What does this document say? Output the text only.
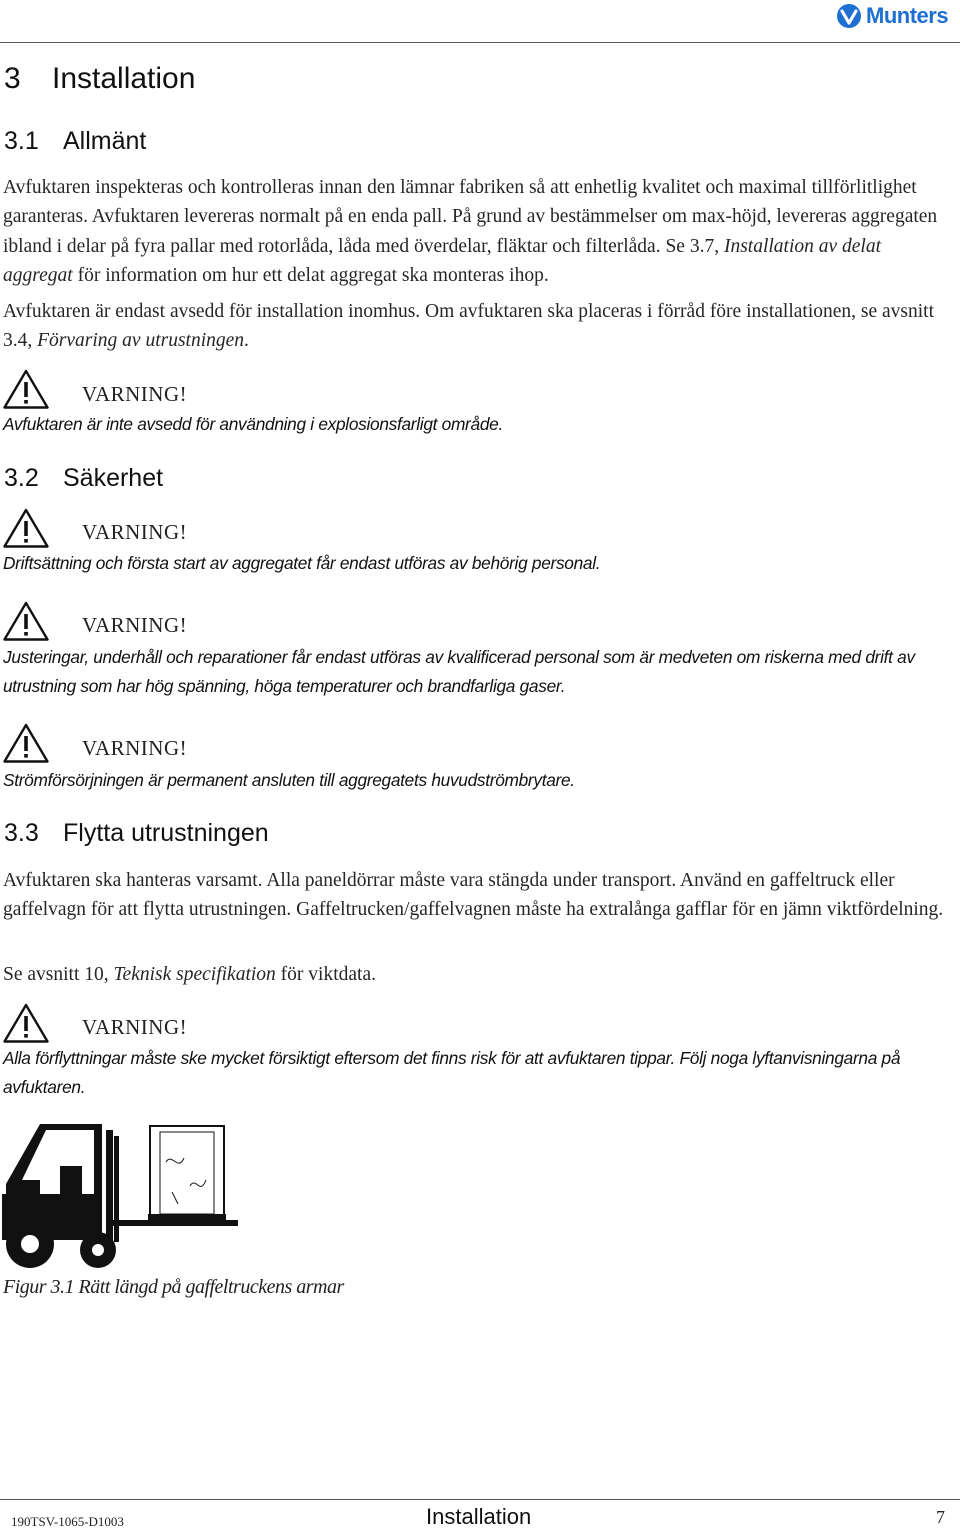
Munters
3 Installation
3.1 Allmänt

Avfuktaren inspekteras och kontrolleras innan den lämnar fabriken så att enhetlig kvalitet och maximal tillförlitlighet garanteras. Avfuktaren levereras normalt på en enda pall. På grund av bestämmelser om max-höjd, levereras aggregaten ibland i delar på fyra pallar med rotorlåda, låda med överdelar, fläktar och filterlåda. Se 3.7, Installation av delat aggregat för information om hur ett delat aggregat ska monteras ihop.

Avfuktaren är endast avsedd för installation inomhus. Om avfuktaren ska placeras i förråd före installationen, se avsnitt 3.4, Förvaring av utrustningen.

VARNING!

Avfuktaren är inte avsedd för användning i explosionsfarligt område.

3.2 Säkerhet
VARNING!

Driftsättning och första start av aggregatet får endast utföras av behörig personal.

VARNING!

Justeringar, underhåll och reparationer får endast utföras av kvalificerad personal som är medveten om riskerna med drift av utrustning som har hög spänning, höga temperaturer och brandfarliga gaser.

VARNING!

Strömförsörjningen är permanent ansluten till aggregatets huvudströmbrytare.

3.3 Flytta utrustningen

Avfuktaren ska hanteras varsamt. Alla paneldörrar måste vara stängda under transport. Använd en gaffeltruck eller gaffelvagn för att flytta utrustningen. Gaffeltrucken/gaffelvagnen måste ha extralånga gafflar för en jämn viktfördelning.

Se avsnitt 10, Teknisk specifikation för viktdata.

VARNING!

Alla förflyttningar måste ske mycket försiktigt eftersom det finns risk för att avfuktaren tippar. Följ noga lyftanvisningarna på avfuktaren.

Figur 3.1 Rätt längd på gaffeltruckens armar
190TSV-1065-D1003	Installation	7
